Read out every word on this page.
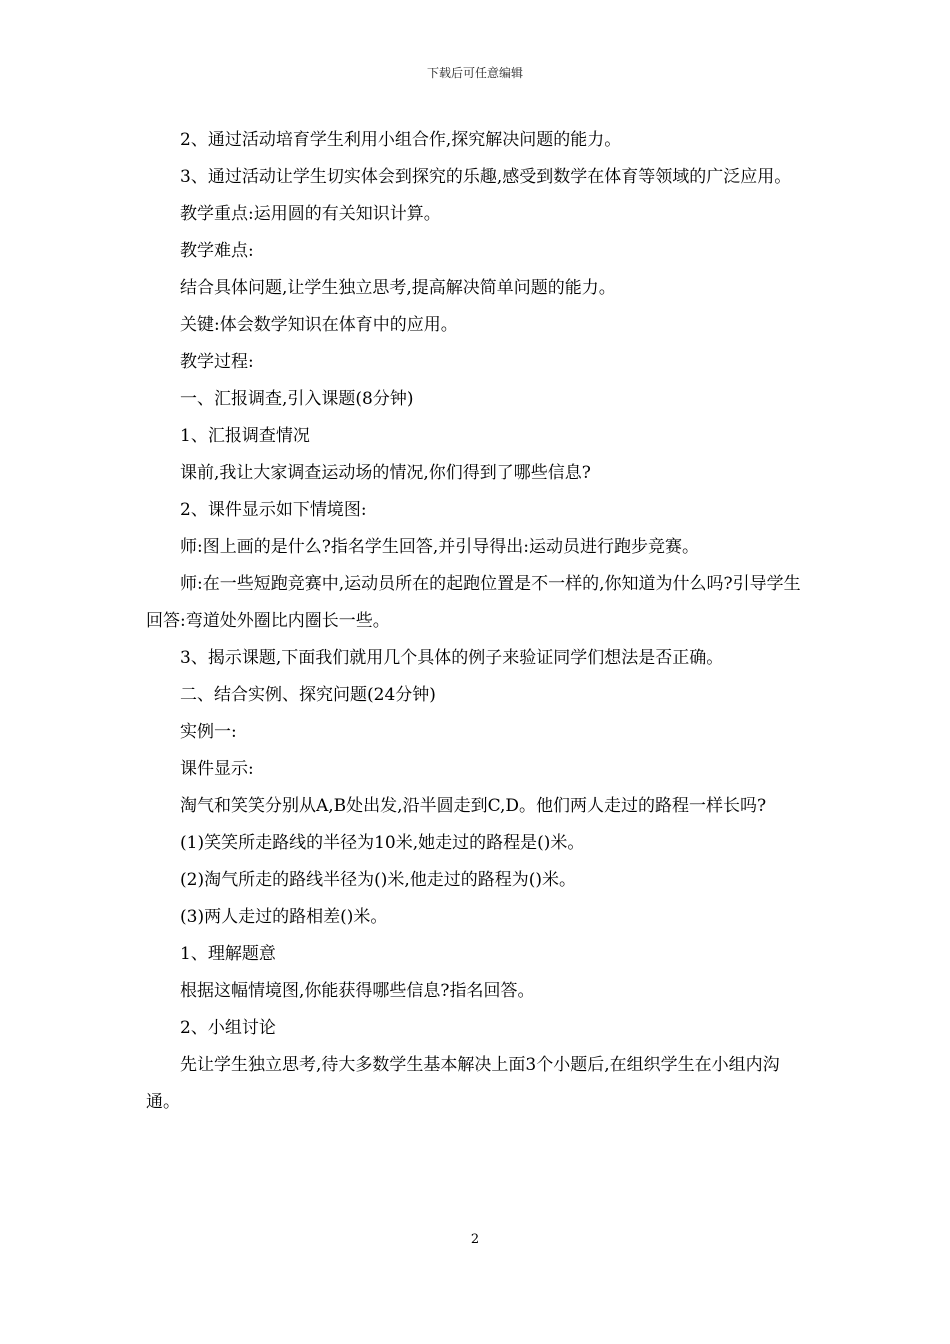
下载后可任意编辑

2、通过活动培育学生利用小组合作,探究解决问题的能力。

3、通过活动让学生切实体会到探究的乐趣,感受到数学在体育等领域的广泛应用。

教学重点:运用圆的有关知识计算。

教学难点:

结合具体问题,让学生独立思考,提高解决简单问题的能力。

关键:体会数学知识在体育中的应用。

教学过程:

一、汇报调查,引入课题(8分钟)

1、汇报调查情况

课前,我让大家调查运动场的情况,你们得到了哪些信息?

2、课件显示如下情境图:

师:图上画的是什么?指名学生回答,并引导得出:运动员进行跑步竞赛。

师:在一些短跑竞赛中,运动员所在的起跑位置是不一样的,你知道为什么吗?引导学生回答:弯道处外圈比内圈长一些。

3、揭示课题,下面我们就用几个具体的例子来验证同学们想法是否正确。

二、结合实例、探究问题(24分钟)

实例一:

课件显示:

淘气和笑笑分别从A,B处出发,沿半圆走到C,D。他们两人走过的路程一样长吗?

(1)笑笑所走路线的半径为10米,她走过的路程是()米。

(2)淘气所走的路线半径为()米,他走过的路程为()米。

(3)两人走过的路相差()米。

1、理解题意

根据这幅情境图,你能获得哪些信息?指名回答。

2、小组讨论

先让学生独立思考,待大多数学生基本解决上面3个小题后,在组织学生在小组内沟通。

2
